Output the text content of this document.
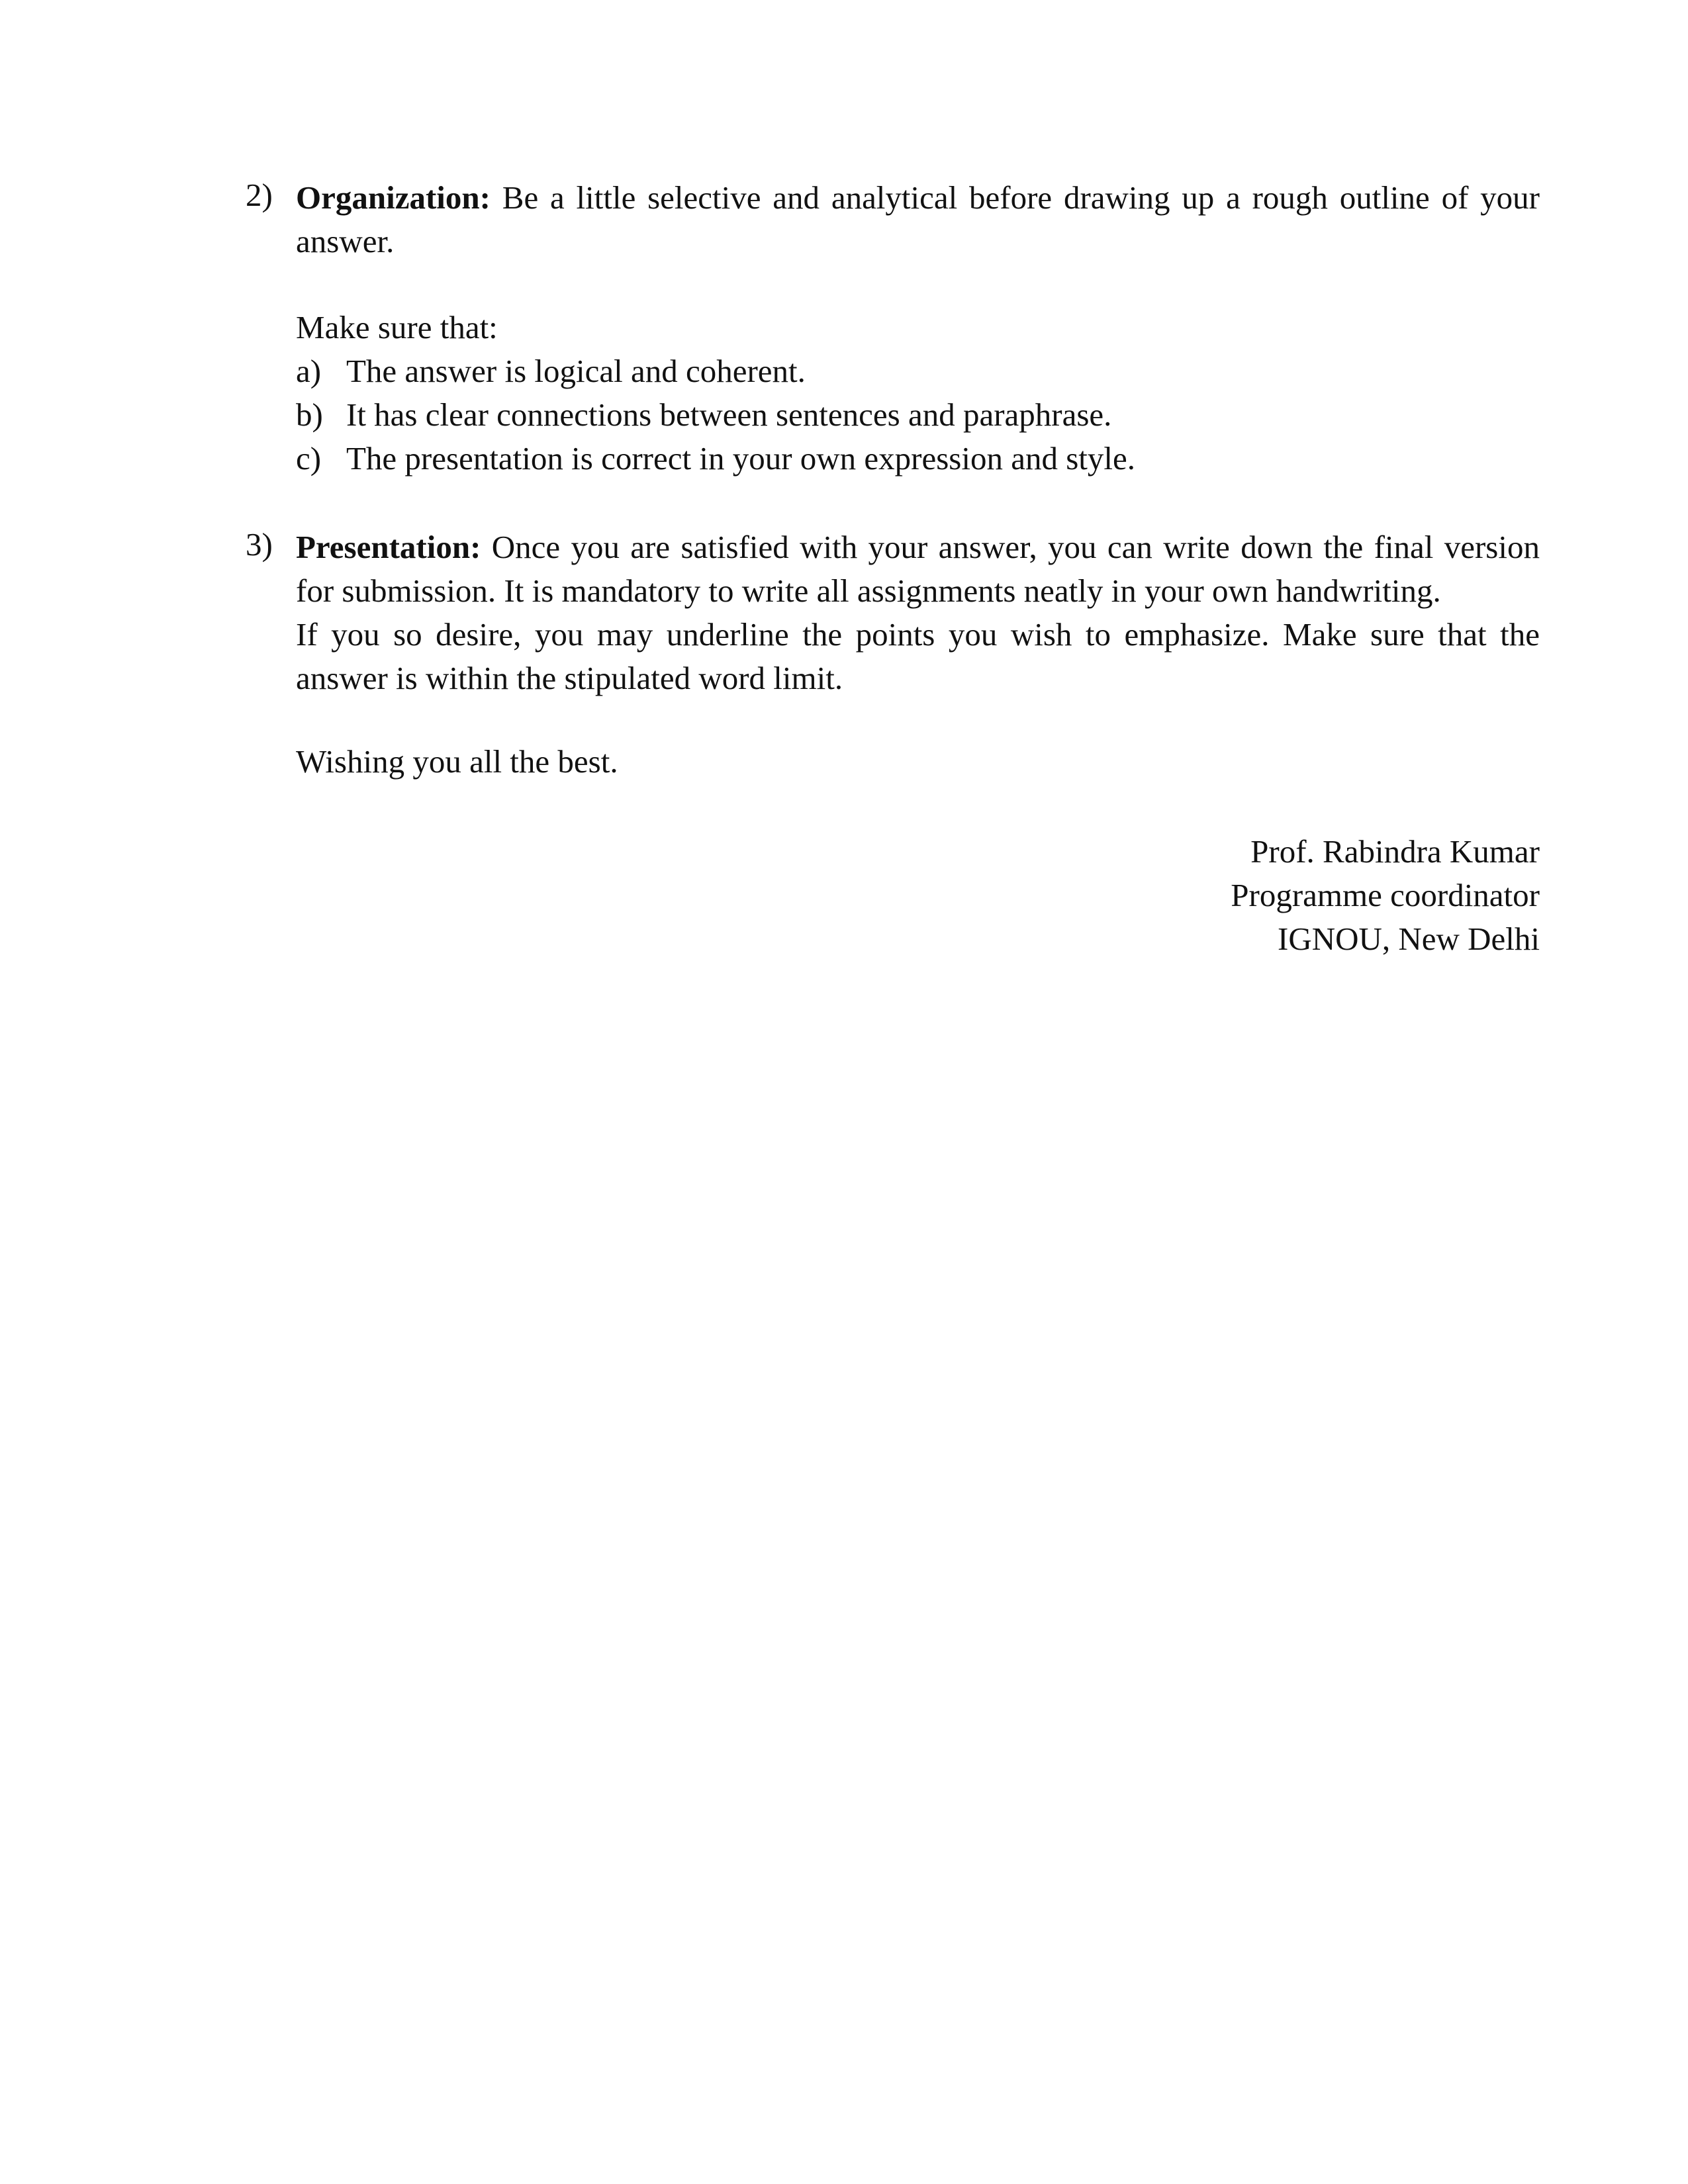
2) Organization: Be a little selective and analytical before drawing up a rough outline of your
answer.
Make sure that:
a) The answer is logical and coherent.
b) It has clear connections between sentences and paraphrase.
c) The presentation is correct in your own expression and style.
3) Presentation: Once you are satisfied with your answer, you can write down the final version
for submission. It is mandatory to write all assignments neatly in your own handwriting.
If you so desire, you may underline the points you wish to emphasize. Make sure that the
answer is within the stipulated word limit.
Wishing you all the best.
Prof. Rabindra Kumar
Programme coordinator
IGNOU, New Delhi
